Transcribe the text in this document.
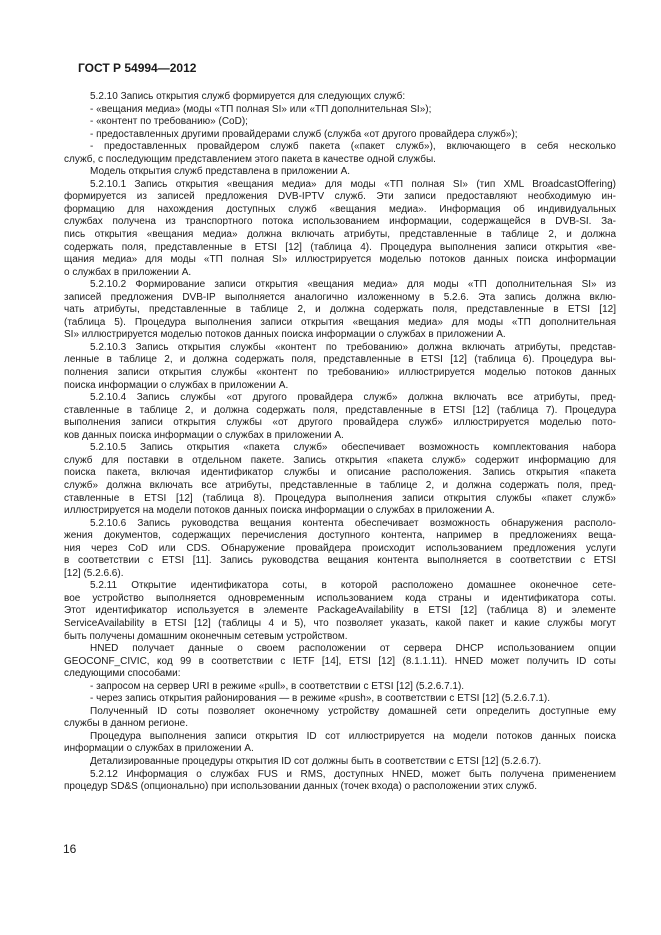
ГОСТ Р 54994—2012
5.2.10 Запись открытия служб формируется для следующих служб:
- «вещания медиа» (моды «ТП полная SI» или «ТП дополнительная SI»);
- «контент по требованию» (CoD);
- предоставленных другими провайдерами служб (служба «от другого провайдера служб»);
- предоставленных провайдером служб пакета («пакет служб»), включающего в себя несколько
служб, с последующим представлением этого пакета в качестве одной службы.
Модель открытия служб представлена в приложении А.
5.2.10.1 Запись открытия «вещания медиа» для моды «ТП полная SI» (тип XML BroadcastOffering)
формируется из записей предложения DVB-IPTV служб. Эти записи предоставляют необходимую ин-
формацию для нахождения доступных служб «вещания медиа». Информация об индивидуальных
службах получена из транспортного потока использованием информации, содержащейся в DVB-SI. За-
пись открытия «вещания медиа» должна включать атрибуты, представленные в таблице 2, и должна
содержать поля, представленные в ETSI [12] (таблица 4). Процедура выполнения записи открытия «ве-
щания медиа» для моды «ТП полная SI» иллюстрируется моделью потоков данных поиска информации
о службах в приложении А.
5.2.10.2 Формирование записи открытия «вещания медиа» для моды «ТП дополнительная SI» из
записей предложения DVB-IP выполняется аналогично изложенному в 5.2.6. Эта запись должна вклю-
чать атрибуты, представленные в таблице 2, и должна содержать поля, представленные в ETSI [12]
(таблица 5). Процедура выполнения записи открытия «вещания медиа» для моды «ТП дополнительная
SI» иллюстрируется моделью потоков данных поиска информации о службах в приложении А.
5.2.10.3 Запись открытия службы «контент по требованию» должна включать атрибуты, представ-
ленные в таблице 2, и должна содержать поля, представленные в ETSI [12] (таблица 6). Процедура вы-
полнения записи открытия службы «контент по требованию» иллюстрируется моделью потоков данных
поиска информации о службах в приложении А.
5.2.10.4 Запись службы «от другого провайдера служб» должна включать все атрибуты, пред-
ставленные в таблице 2, и должна содержать поля, представленные в ETSI [12] (таблица 7). Процедура
выполнения записи открытия службы «от другого провайдера служб» иллюстрируется моделью пото-
ков данных поиска информации о службах в приложении А.
5.2.10.5 Запись открытия «пакета служб» обеспечивает возможность комплектования набора
служб для поставки в отдельном пакете. Запись открытия «пакета служб» содержит информацию для
поиска пакета, включая идентификатор службы и описание расположения. Запись открытия «пакета
служб» должна включать все атрибуты, представленные в таблице 2, и должна содержать поля, пред-
ставленные в ETSI [12] (таблица 8). Процедура выполнения записи открытия службы «пакет служб»
иллюстрируется на модели потоков данных поиска информации о службах в приложении А.
5.2.10.6 Запись руководства вещания контента обеспечивает возможность обнаружения располо-
жения документов, содержащих перечисления доступного контента, например в предложениях веща-
ния через CoD или CDS. Обнаружение провайдера происходит использованием предложения услуги
в соответствии с ETSI [11]. Запись руководства вещания контента выполняется в соответствии с ETSI
[12] (5.2.6.6).
5.2.11 Открытие идентификатора соты, в которой расположено домашнее оконечное сете-
вое устройство выполняется одновременным использованием кода страны и идентификатора соты.
Этот идентификатор используется в элементе PackageAvailability в ETSI [12] (таблица 8) и элементе
ServiceAvailability в ETSI [12] (таблицы 4 и 5), что позволяет указать, какой пакет и какие службы могут
быть получены домашним оконечным сетевым устройством.
HNED получает данные о своем расположении от сервера DHCP использованием опции
GEOCONF_CIVIC, код 99 в соответствии с IETF [14], ETSI [12] (8.1.1.11). HNED может получить ID соты
следующими способами:
- запросом на сервер URI в режиме «pull», в соответствии с ETSI [12] (5.2.6.7.1).
- через запись открытия районирования — в режиме «push», в соответствии с ETSI [12] (5.2.6.7.1).
Полученный ID соты позволяет оконечному устройству домашней сети определить доступные ему
службы в данном регионе.
Процедура выполнения записи открытия ID сот иллюстрируется на модели потоков данных поиска
информации о службах в приложении А.
Детализированные процедуры открытия ID сот должны быть в соответствии с ETSI [12] (5.2.6.7).
5.2.12 Информация о службах FUS и RMS, доступных HNED, может быть получена применением
процедур SD&S (опционально) при использовании данных (точек входа) о расположении этих служб.
16
